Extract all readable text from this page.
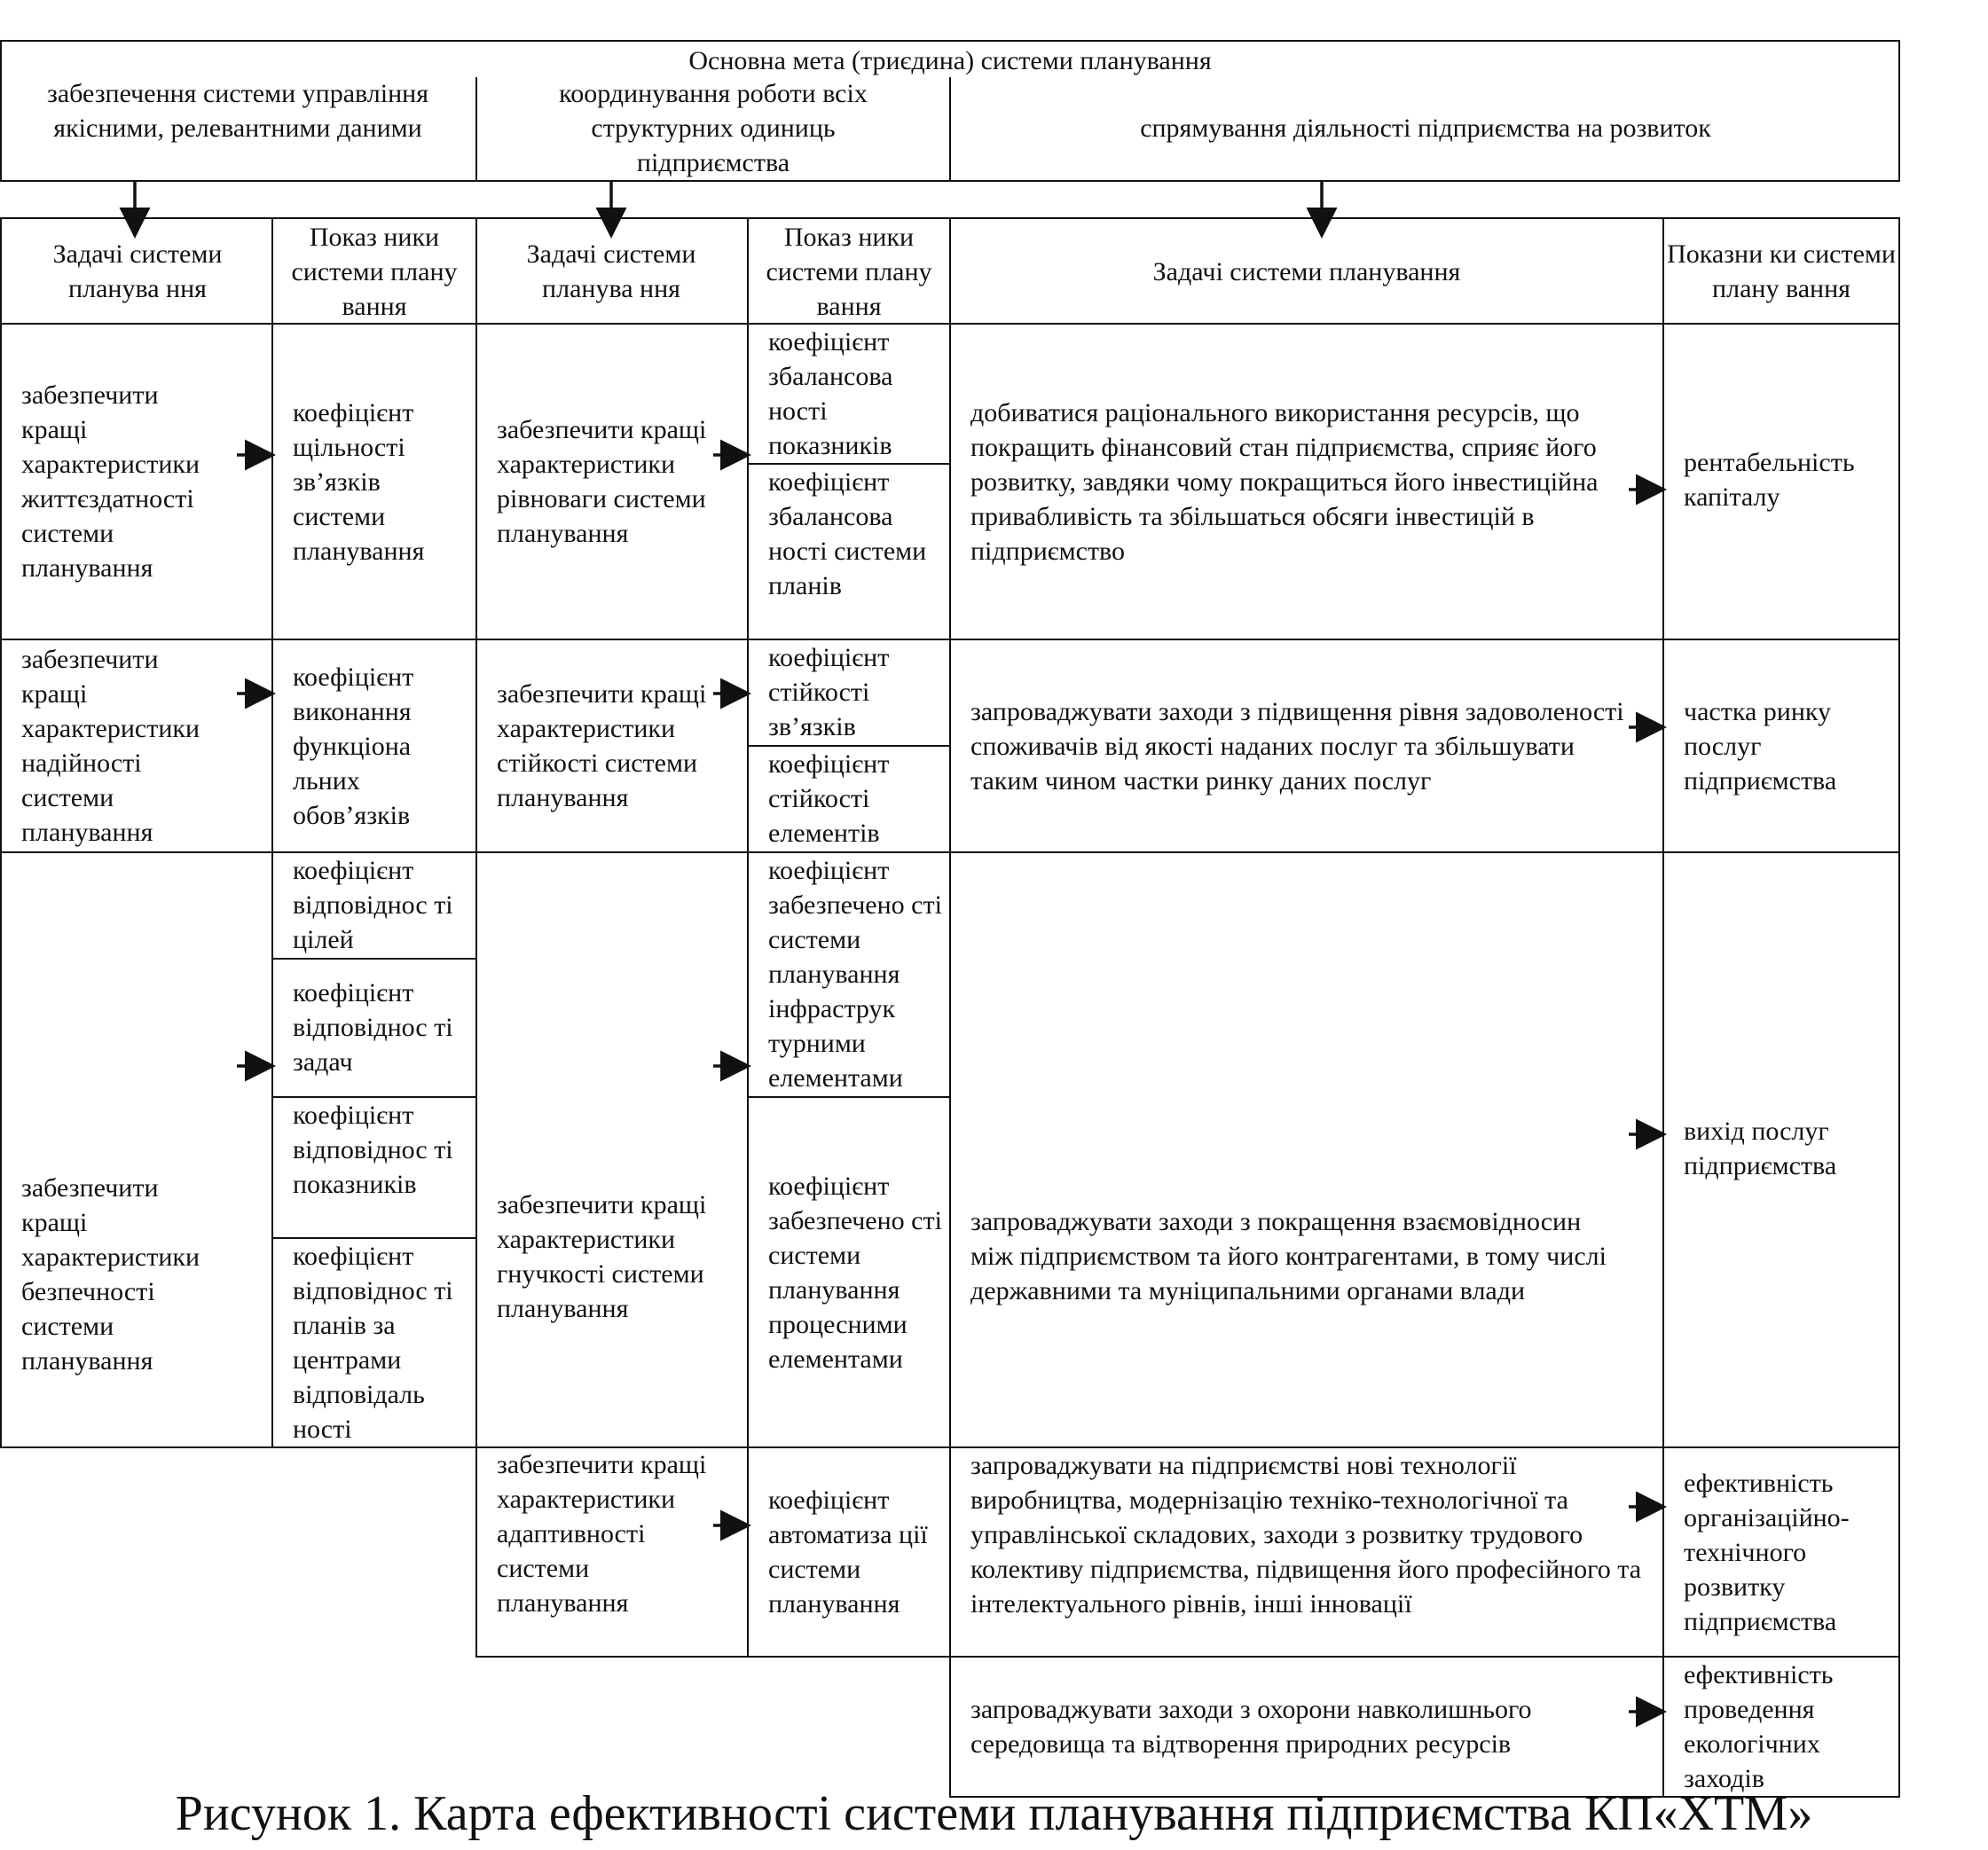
Основна мета (триєдина) системи планування
забезпечення системи управління якісними, релевантними даними
координування роботи всіх структурних одиниць підприємства
спрямування діяльності підприємства на розвиток
Задачі системи планува ння
Показ ники системи плану вання
Задачі системи планува ння
Показ ники системи плану вання
Задачі системи планування
Показни ки системи плану вання
забезпечити кращі характеристики життєздатності системи планування
забезпечити кращі характеристики надійності системи планування
забезпечити кращі характеристики безпечності системи планування
коефіцієнт щільності зв’язків системи планування
коефіцієнт виконання функціона льних обов’язків
коефіцієнт відповіднос ті цілей
коефіцієнт відповіднос ті задач
коефіцієнт відповіднос ті показників
коефіцієнт відповіднос ті планів за центрами відповідаль ності
забезпечити кращі характеристики рівноваги системи планування
забезпечити кращі характеристики стійкості системи планування
забезпечити кращі характеристики гнучкості системи планування
забезпечити кращі характеристики адаптивності системи планування
коефіцієнт збалансова ності показників
коефіцієнт збалансова ності системи планів
коефіцієнт стійкості зв’язків
коефіцієнт стійкості елементів
коефіцієнт забезпечено сті системи планування інфраструк турними елементами
коефіцієнт забезпечено сті системи планування процесними елементами
коефіцієнт автоматиза ції системи планування
добиватися раціонального використання ресурсів, що покращить фінансовий стан підприємства, сприяє його розвитку, завдяки чому покращиться його інвестиційна привабливість та збільшаться обсяги інвестицій в підприємство
запроваджувати заходи з підвищення рівня задоволеності споживачів від якості наданих послуг та збільшувати таким чином частки ринку даних послуг
запроваджувати заходи з покращення взаємовідносин між підприємством та його контрагентами, в тому числі державними та муніципальними органами влади
запроваджувати на підприємстві нові технології виробництва, модернізацію техніко-технологічної та управлінської складових, заходи з розвитку трудового колективу підприємства, підвищення його професійного та інтелектуального рівнів, інші інновації
запроваджувати заходи з охорони навколишнього середовища та відтворення природних ресурсів
рентабельність капіталу
частка ринку послуг підприємства
вихід послуг підприємства
ефективність організаційно-технічного розвитку підприємства
ефективність проведення екологічних заходів
Рисунок 1. Карта ефективності системи планування підприємства КП«ХТМ»
